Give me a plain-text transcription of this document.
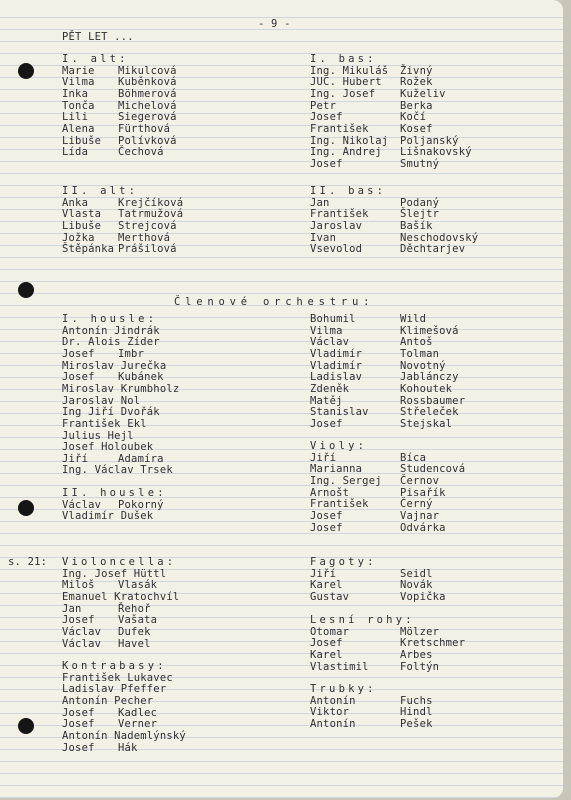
- 9 -
PĚT LET ...
s. 21:
Členové orchestru:
I. alt:
Marie Mikulcová
Vilma Kuběnková
Inka	Böhmerová
Tonča Michelová
Lili	Siegerová
Alena Fürthová
Libuše Polívková
Lída	Čechová
I. bas:
Ing. Mikuláš Živný
JUC. Hubert Rožek
Ing. Josef Kuželiv
Petr	Berka
Josef	Kočí
František	Kosef
Ing. Nikolaj Poljanský
Ing. Andrej Lišnakovský
Josef	Smutný
II. alt:
Anka	Krejčíková
Vlasta Tatrmužová
Libuše Strejcová
Jožka Merthová
Štěpánka Prášilová
II. bas:
Jan	Podaný
František	Šlejtr
Jaroslav	Bašík
Ivan	Neschodovský
Vsevolod	Děchtarjev
I. housle:
Antonín Jindrák
Dr. Alois Zíder
Josef Imbr
Miroslav Jurečka
Josef Kubánek
Miroslav Krumbholz
Jaroslav Nol
Ing Jiří Dvořák
František Ekl
Julius Hejl
Josef Holoubek
Jiří	Adamíra
Ing. Václav Trsek
Bohumil	Wild
Vilma	Klimešová
Václav	Antoš
Vladimír	Tolman
Vladimír	Novotný
Ladislav	Jablánczy
Zdeněk	Kohoutek
Matěj	Rossbaumer
Stanislav	Střeleček
Josef	Stejskal
II. housle:
Václav Pokorný
Vladimír Dušek
Violy:
Jiří	Bíca
Marianna	Studencová
Ing. Sergej Černov
Arnošt	Pisařík
František	Černý
Josef	Vajnar
Josef	Odvárka
Violoncella:
Ing. Josef Hüttl
Miloš Vlasák
Emanuel Kratochvíl
Jan	Řehoř
Josef Vašata
Václav Dufek
Václav Havel
Fagoty:
Jiří	Seidl
Karel	Novák
Gustav	Vopička
Lesní rohy:
Otomar	Mölzer
Josef	Kretschmer
Karel	Arbes
Vlastimil	Foltýn
Kontrabasy:
František Lukavec
Ladislav Pfeffer
Antonín Pecher
Josef Kadlec
Josef Verner
Antonín Nademlýnský
Josef Hák
Trubky:
Antonín	Fuchs
Viktor	Hindl
Antonín	Pešek
